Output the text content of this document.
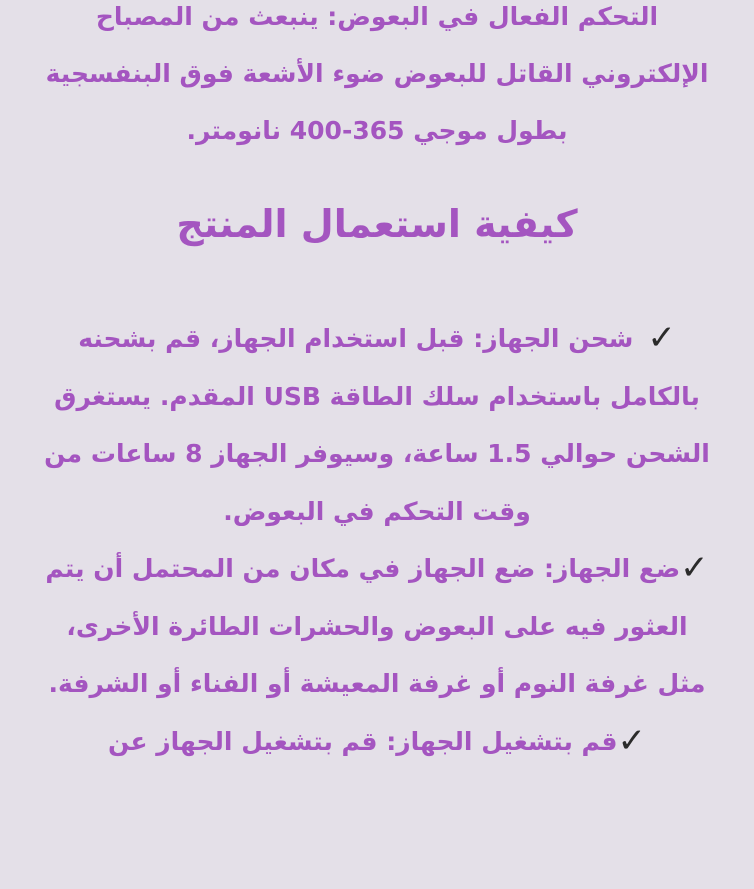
التحكم الفعال في البعوض: ينبعث من المصباح الإلكتروني القاتل للبعوض ضوء الأشعة فوق البنفسجية بطول موجي 365-400 نانومتر.

كيفية استعمال المنتج
✓شحن الجهاز: قبل استخدام الجهاز، قم بشحنه بالكامل باستخدام سلك الطاقة USB المقدم. يستغرق الشحن حوالي 1.5 ساعة، وسيوفر الجهاز 8 ساعات من وقت التحكم في البعوض.
✓ضع الجهاز: ضع الجهاز في مكان من المحتمل أن يتم العثور فيه على البعوض والحشرات الطائرة الأخرى، مثل غرفة النوم أو غرفة المعيشة أو الفناء أو الشرفة.
✓قم بتشغيل الجهاز: قم بتشغيل الجهاز عن
